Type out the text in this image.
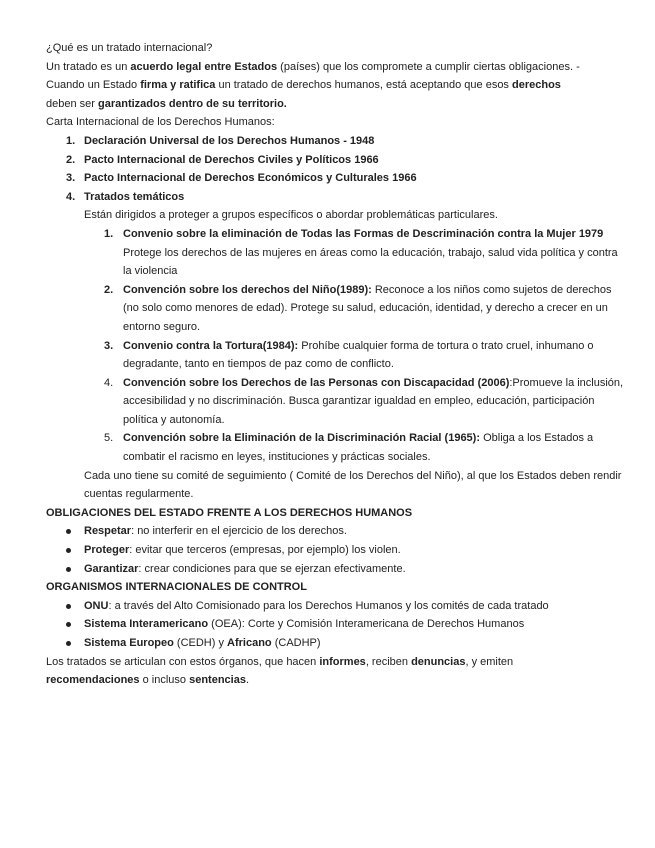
¿Qué es un tratado internacional?

Un tratado es un acuerdo legal entre Estados (países) que los compromete a cumplir ciertas obligaciones. -
Cuando un Estado firma y ratifica un tratado de derechos humanos, está aceptando que esos derechos
deben ser garantizados dentro de su territorio.

Carta Internacional de los Derechos Humanos:

1. Declaración Universal de los Derechos Humanos - 1948
2. Pacto Internacional de Derechos Civiles y Políticos 1966
3. Pacto Internacional de Derechos Económicos y Culturales 1966
4. Tratados temáticos

Están dirigidos a proteger a grupos específicos o abordar problemáticas particulares.

1. Convenio sobre la eliminación de Todas las Formas de Descriminación contra la Mujer 1979
Protege los derechos de las mujeres en áreas como la educación, trabajo, salud vida política y contra la violencia
2. Convención sobre los derechos del Niño(1989): Reconoce a los niños como sujetos de derechos (no solo como menores de edad). Protege su salud, educación, identidad, y derecho a crecer en un entorno seguro.
3. Convenio contra la Tortura(1984): Prohíbe cualquier forma de tortura o trato cruel, inhumano o degradante, tanto en tiempos de paz como de conflicto.
4. Convención sobre los Derechos de las Personas con Discapacidad (2006):Promueve la inclusión, accesibilidad y no discriminación. Busca garantizar igualdad en empleo, educación, participación política y autonomía.
5. Convención sobre la Eliminación de la Discriminación Racial (1965): Obliga a los Estados a combatir el racismo en leyes, instituciones y prácticas sociales.

Cada uno tiene su comité de seguimiento ( Comité de los Derechos del Niño), al que los Estados deben rendir cuentas regularmente.

OBLIGACIONES DEL ESTADO FRENTE A LOS DERECHOS HUMANOS

Respetar: no interferir en el ejercicio de los derechos.
Proteger: evitar que terceros (empresas, por ejemplo) los violen.
Garantizar: crear condiciones para que se ejerzan efectivamente.

ORGANISMOS INTERNACIONALES DE CONTROL

ONU: a través del Alto Comisionado para los Derechos Humanos y los comités de cada tratado
Sistema Interamericano (OEA): Corte y Comisión Interamericana de Derechos Humanos
Sistema Europeo (CEDH) y Africano (CADHP)

Los tratados se articulan con estos órganos, que hacen informes, reciben denuncias, y emiten
recomendaciones o incluso sentencias.
